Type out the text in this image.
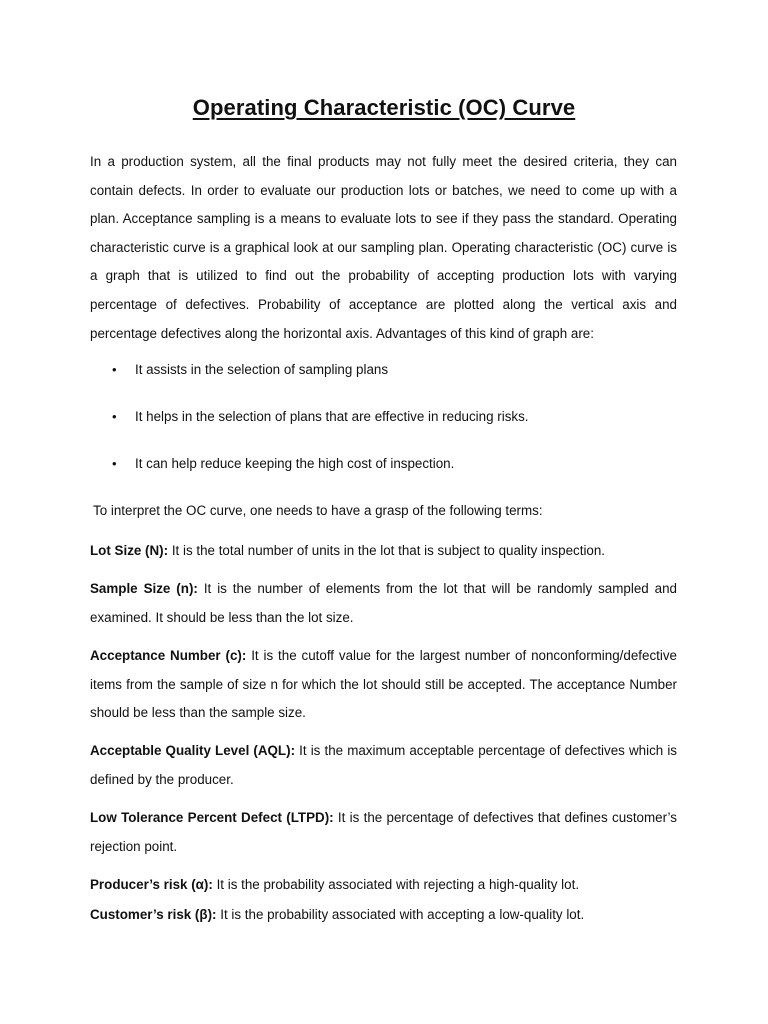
Operating Characteristic (OC) Curve

In a production system, all the final products may not fully meet the desired criteria, they can contain defects. In order to evaluate our production lots or batches, we need to come up with a plan. Acceptance sampling is a means to evaluate lots to see if they pass the standard. Operating characteristic curve is a graphical look at our sampling plan. Operating characteristic (OC) curve is a graph that is utilized to find out the probability of accepting production lots with varying percentage of defectives. Probability of acceptance are plotted along the vertical axis and percentage defectives along the horizontal axis. Advantages of this kind of graph are:

• It assists in the selection of sampling plans
• It helps in the selection of plans that are effective in reducing risks.
• It can help reduce keeping the high cost of inspection.

To interpret the OC curve, one needs to have a grasp of the following terms:

Lot Size (N): It is the total number of units in the lot that is subject to quality inspection.

Sample Size (n): It is the number of elements from the lot that will be randomly sampled and examined. It should be less than the lot size.

Acceptance Number (c): It is the cutoff value for the largest number of nonconforming/defective items from the sample of size n for which the lot should still be accepted. The acceptance Number should be less than the sample size.

Acceptable Quality Level (AQL): It is the maximum acceptable percentage of defectives which is defined by the producer.

Low Tolerance Percent Defect (LTPD): It is the percentage of defectives that defines customer’s rejection point.

Producer’s risk (α): It is the probability associated with rejecting a high-quality lot.

Customer’s risk (β): It is the probability associated with accepting a low-quality lot.
